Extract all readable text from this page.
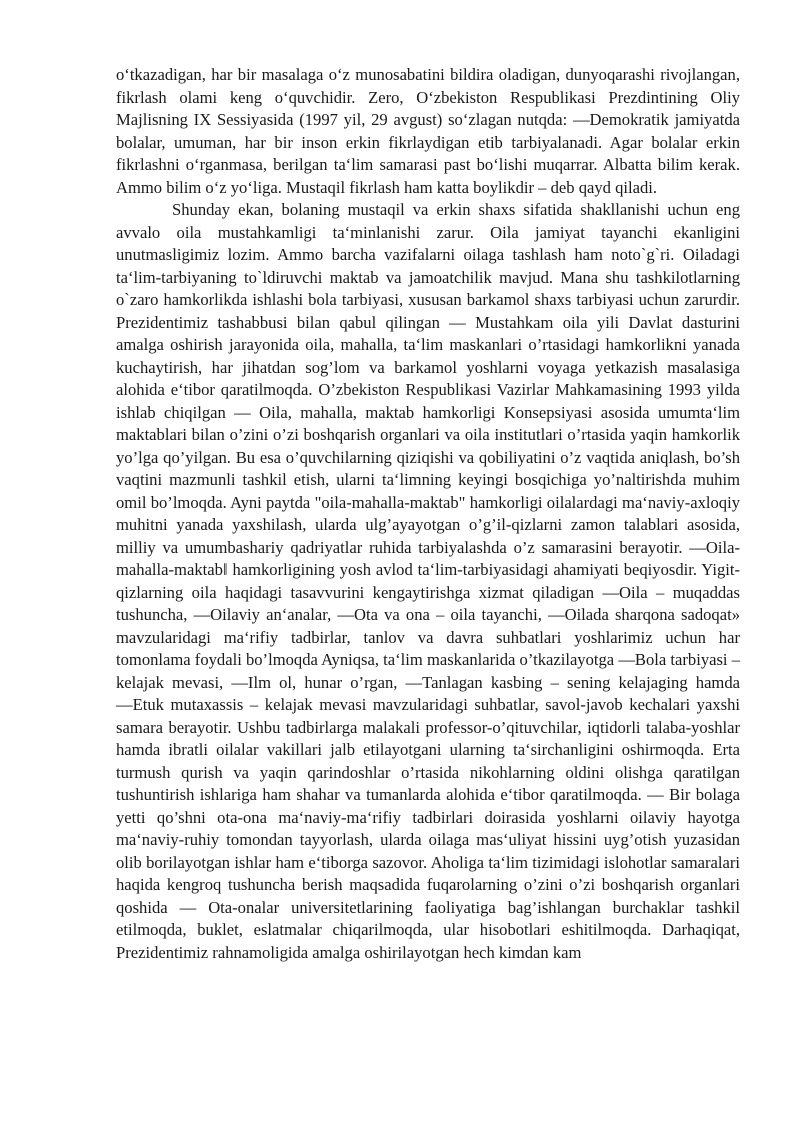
o‘tkazadigan, har bir masalaga o‘z munosabatini bildira oladigan, dunyoqarashi rivojlangan, fikrlash olami keng o‘quvchidir. Zero, O‘zbekiston Respublikasi Prezdintining Oliy Majlisning IX Sessiyasida (1997 yil, 29 avgust) so‘zlagan nutqda: ―Demokratik jamiyatda bolalar, umuman, har bir inson erkin fikrlaydigan etib tarbiyalanadi. Agar bolalar erkin fikrlashni o‘rganmasa, berilgan ta‘lim samarasi past bo‘lishi muqarrar. Albatta bilim kerak. Ammo bilim o‘z yo‘liga. Mustaqil fikrlash ham katta boylikdir – deb qayd qiladi.

Shunday ekan, bolaning mustaqil va erkin shaxs sifatida shakllanishi uchun eng avvalo oila mustahkamligi ta‘minlanishi zarur. Oila jamiyat tayanchi ekanligini unutmasligimiz lozim. Ammo barcha vazifalarni oilaga tashlash ham noto`g`ri. Oiladagi ta‘lim-tarbiyaning to`ldiruvchi maktab va jamoatchilik mavjud. Mana shu tashkilotlarning o`zaro hamkorlikda ishlashi bola tarbiyasi, xususan barkamol shaxs tarbiyasi uchun zarurdir. Prezidentimiz tashabbusi bilan qabul qilingan ― Mustahkam oila yili Davlat dasturini amalga oshirish jarayonida oila, mahalla, ta‘lim maskanlari o’rtasidagi hamkorlikni yanada kuchaytirish, har jihatdan sog’lom va barkamol yoshlarni voyaga yetkazish masalasiga alohida e‘tibor qaratilmoqda. O’zbekiston Respublikasi Vazirlar Mahkamasining 1993 yilda ishlab chiqilgan ― Oila, mahalla, maktab hamkorligi Konsepsiyasi asosida umumta‘lim maktablari bilan o’zini o’zi boshqarish organlari va oila institutlari o’rtasida yaqin hamkorlik yo’lga qo’yilgan. Bu esa o’quvchilarning qiziqishi va qobiliyatini o’z vaqtida aniqlash, bo’sh vaqtini mazmunli tashkil etish, ularni ta‘limning keyingi bosqichiga yo’naltirishda muhim omil bo’lmoqda. Ayni paytda "oila-mahalla-maktab" hamkorligi oilalardagi ma‘naviy-axloqiy muhitni yanada yaxshilash, ularda ulg’ayayotgan o’g’il-qizlarni zamon talablari asosida, milliy va umumbashariy qadriyatlar ruhida tarbiyalashda o’z samarasini berayotir. ―Oila-mahalla-maktab‖ hamkorligining yosh avlod ta‘lim-tarbiyasidagi ahamiyati beqiyosdir. Yigit-qizlarning oila haqidagi tasavvurini kengaytirishga xizmat qiladigan ―Oila – muqaddas tushuncha, ―Oilaviy an‘analar, ―Ota va ona – oila tayanchi, ―Oilada sharqona sadoqat» mavzularidagi ma‘rifiy tadbirlar, tanlov va davra suhbatlari yoshlarimiz uchun har tomonlama foydali bo’lmoqda Ayniqsa, ta‘lim maskanlarida o’tkazilayotga ―Bola tarbiyasi – kelajak mevasi, ―Ilm ol, hunar o’rgan, ―Tanlagan kasbing – sening kelajaging hamda ―Etuk mutaxassis – kelajak mevasi mavzularidagi suhbatlar, savol-javob kechalari yaxshi samara berayotir. Ushbu tadbirlarga malakali professor-o’qituvchilar, iqtidorli talaba-yoshlar hamda ibratli oilalar vakillari jalb etilayotgani ularning ta‘sirchanligini oshirmoqda. Erta turmush qurish va yaqin qarindoshlar o’rtasida nikohlarning oldini olishga qaratilgan tushuntirish ishlariga ham shahar va tumanlarda alohida e‘tibor qaratilmoqda. ― Bir bolaga yetti qo’shni ota-ona ma‘naviy-ma‘rifiy tadbirlari doirasida yoshlarni oilaviy hayotga ma‘naviy-ruhiy tomondan tayyorlash, ularda oilaga mas‘uliyat hissini uyg’otish yuzasidan olib borilayotgan ishlar ham e‘tiborga sazovor. Aholiga ta‘lim tizimidagi islohotlar samaralari haqida kengroq tushuncha berish maqsadida fuqarolarning o’zini o’zi boshqarish organlari qoshida ― Ota-onalar universitetlarining faoliyatiga bag’ishlangan burchaklar tashkil etilmoqda, buklet, eslatmalar chiqarilmoqda, ular hisobotlari eshitilmoqda. Darhaqiqat, Prezidentimiz rahnamoligida amalga oshirilayotgan hech kimdan kam
